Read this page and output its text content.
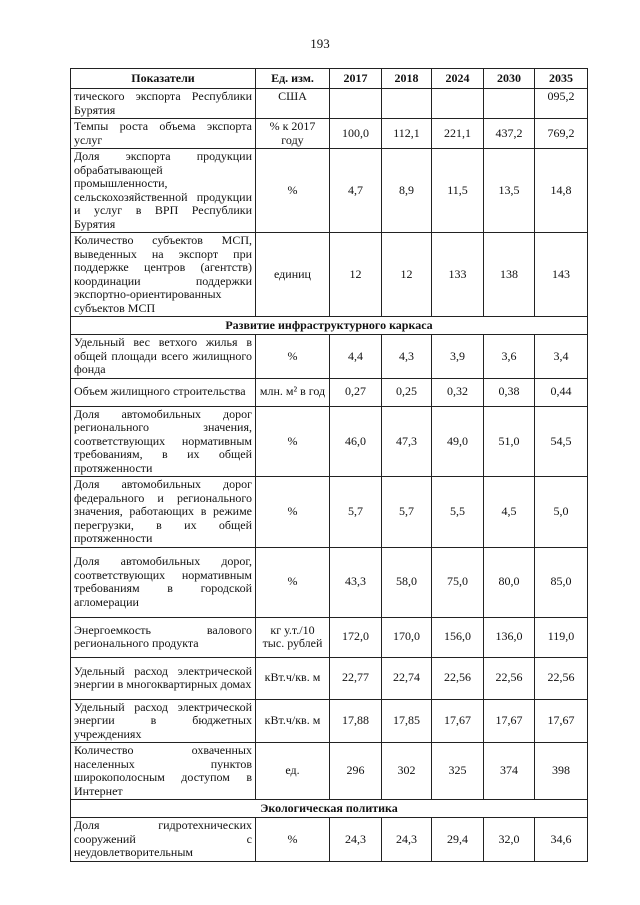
193
Показатели	Ед. изм.	2017	2018	2024	2030	2035
тического экспорта Республики Бурятия	США					095,2
Темпы роста объема экспорта услуг	% к 2017 году	100,0	112,1	221,1	437,2	769,2
Доля экспорта продукции обрабатывающей промышленности, сельскохозяйственной продукции и услуг в ВРП Республики Бурятия	%	4,7	8,9	11,5	13,5	14,8
Количество субъектов МСП, выведенных на экспорт при поддержке центров (агентств) координации поддержки экспортно-ориентированных субъектов МСП	единиц	12	12	133	138	143
Развитие инфраструктурного каркаса						
Удельный вес ветхого жилья в общей площади всего жилищного фонда	%	4,4	4,3	3,9	3,6	3,4
Объем жилищного строительства	млн. м² в год	0,27	0,25	0,32	0,38	0,44
Доля автомобильных дорог регионального значения, соответствующих нормативным требованиям, в их общей протяженности	%	46,0	47,3	49,0	51,0	54,5
Доля автомобильных дорог федерального и регионального значения, работающих в режиме перегрузки, в их общей протяженности	%	5,7	5,7	5,5	4,5	5,0
Доля автомобильных дорог, соответствующих нормативным требованиям в городской агломерации	%	43,3	58,0	75,0	80,0	85,0
Энергоемкость валового регионального продукта	кг у.т./10 тыс. рублей	172,0	170,0	156,0	136,0	119,0
Удельный расход электрической энергии в многоквартирных домах	кВт.ч/кв. м	22,77	22,74	22,56	22,56	22,56
Удельный расход электрической энергии в бюджетных учреждениях	кВт.ч/кв. м	17,88	17,85	17,67	17,67	17,67
Количество охваченных населенных пунктов широкополосным доступом в Интернет	ед.	296	302	325	374	398
Экологическая политика						
Доля гидротехнических сооружений с неудовлетворительным	%	24,3	24,3	29,4	32,0	34,6
